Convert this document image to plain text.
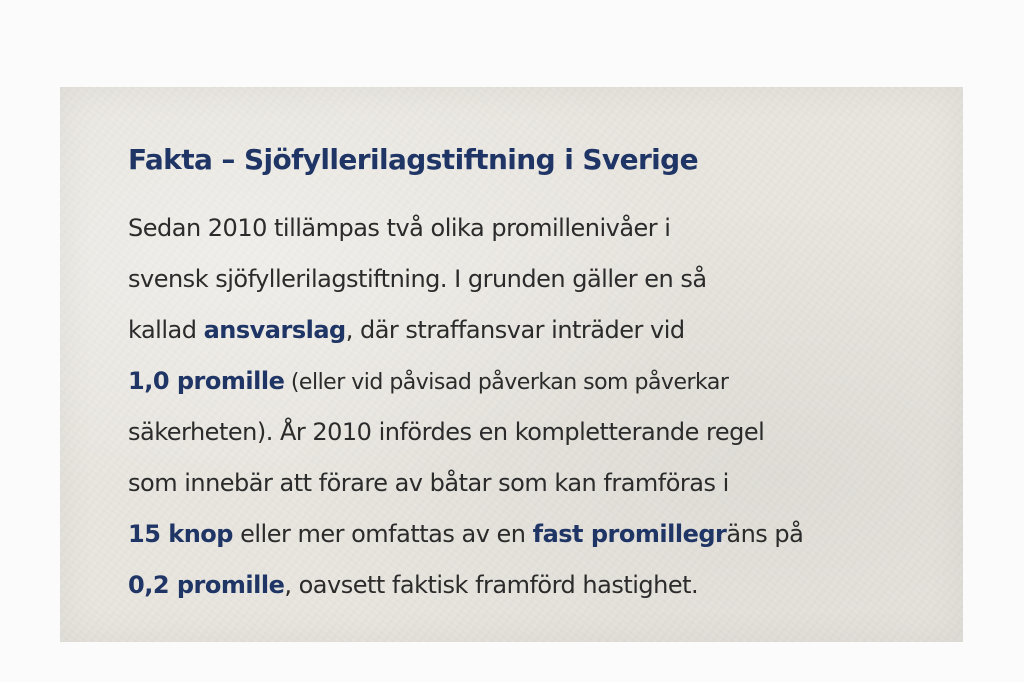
Fakta – Sjöfyllerilagstiftning i Sverige
Sedan 2010 tillämpas två olika promillenivåer i
svensk sjöfyllerilagstiftning. I grunden gäller en så
kallad ansvarslag, där straffansvar inträder vid
1,0 promille (eller vid påvisad påverkan som påverkar
säkerheten). År 2010 infördes en kompletterande regel
som innebär att förare av båtar som kan framföras i
15 knop eller mer omfattas av en fast promillegräns på
0,2 promille, oavsett faktisk framförd hastighet.
